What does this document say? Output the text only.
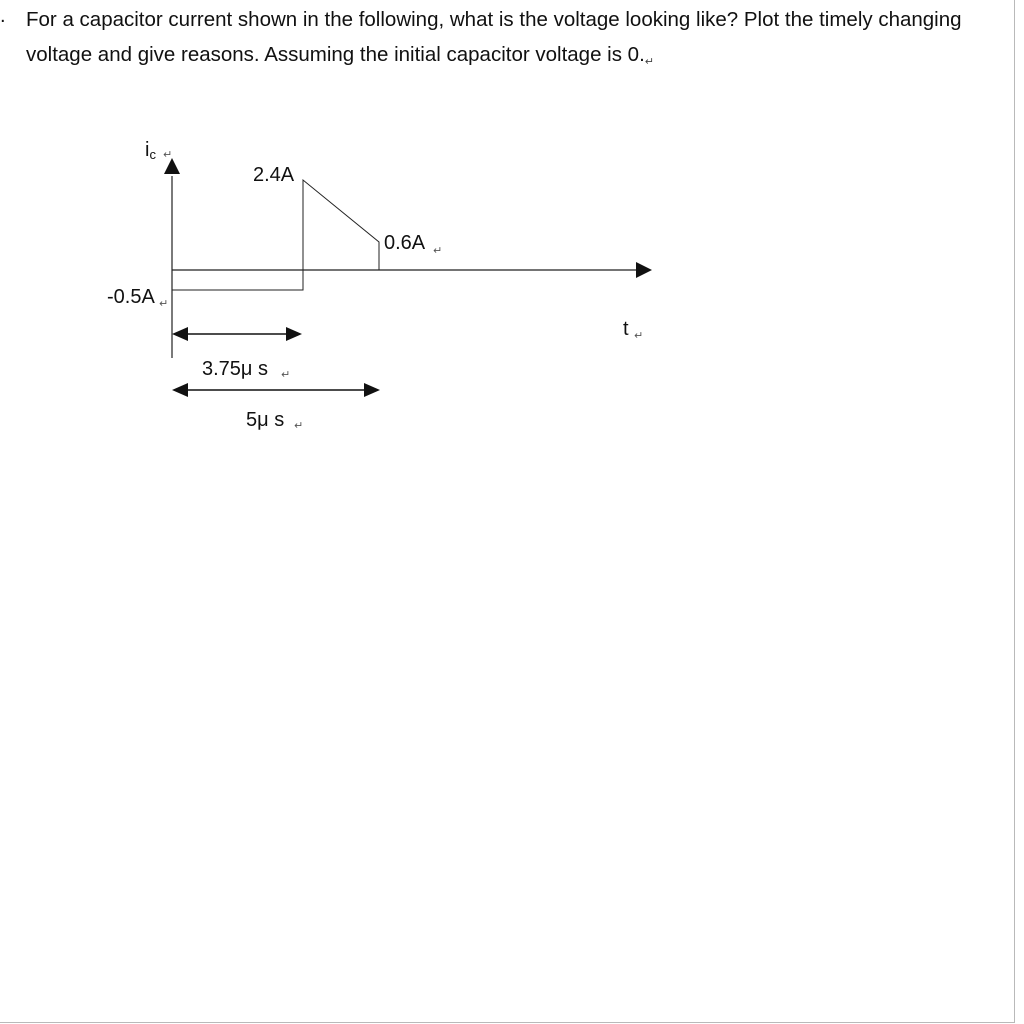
. For a capacitor current shown in the following, what is the voltage looking like? Plot the timely changing voltage and give reasons. Assuming the initial capacitor voltage is 0.↵

ic ↵
t ↵
2.4A
0.6A ↵
-0.5A ↵
3.75μ s ↵
5μ s ↵
